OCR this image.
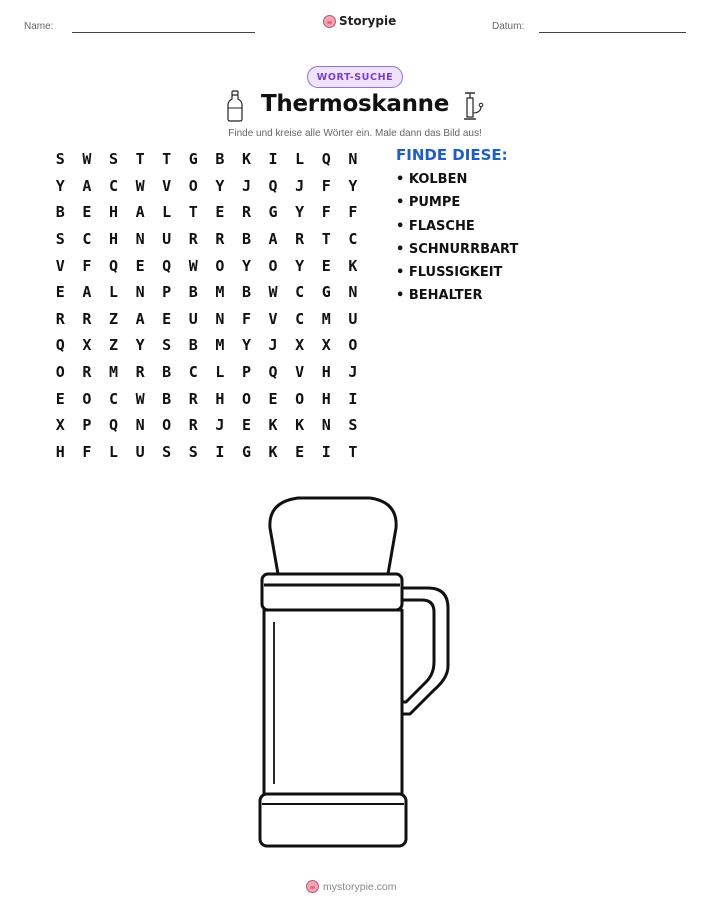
Name:	Storypie	Datum:
WORT-SUCHE
Thermoskanne
Finde und kreise alle Wörter ein. Male dann das Bild aus!
S	W	S	T	T	G	B	K	I	L	Q	N
Y	A	C	W	V	O	Y	J	Q	J	F	Y
B	E	H	A	L	T	E	R	G	Y	F	F
S	C	H	N	U	R	R	B	A	R	T	C
V	F	Q	E	Q	W	O	Y	O	Y	E	K
E	A	L	N	P	B	M	B	W	C	G	N
R	R	Z	A	E	U	N	F	V	C	M	U
Q	X	Z	Y	S	B	M	Y	J	X	X	O
O	R	M	R	B	C	L	P	Q	V	H	J
E	O	C	W	B	R	H	O	E	O	H	I
X	P	Q	N	O	R	J	E	K	K	N	S
H	F	L	U	S	S	I	G	K	E	I	T
FINDE DIESE:
• KOLBEN
• PUMPE
• FLASCHE
• SCHNURRBART
• FLUSSIGKEIT
• BEHALTER
mystorypie.com
